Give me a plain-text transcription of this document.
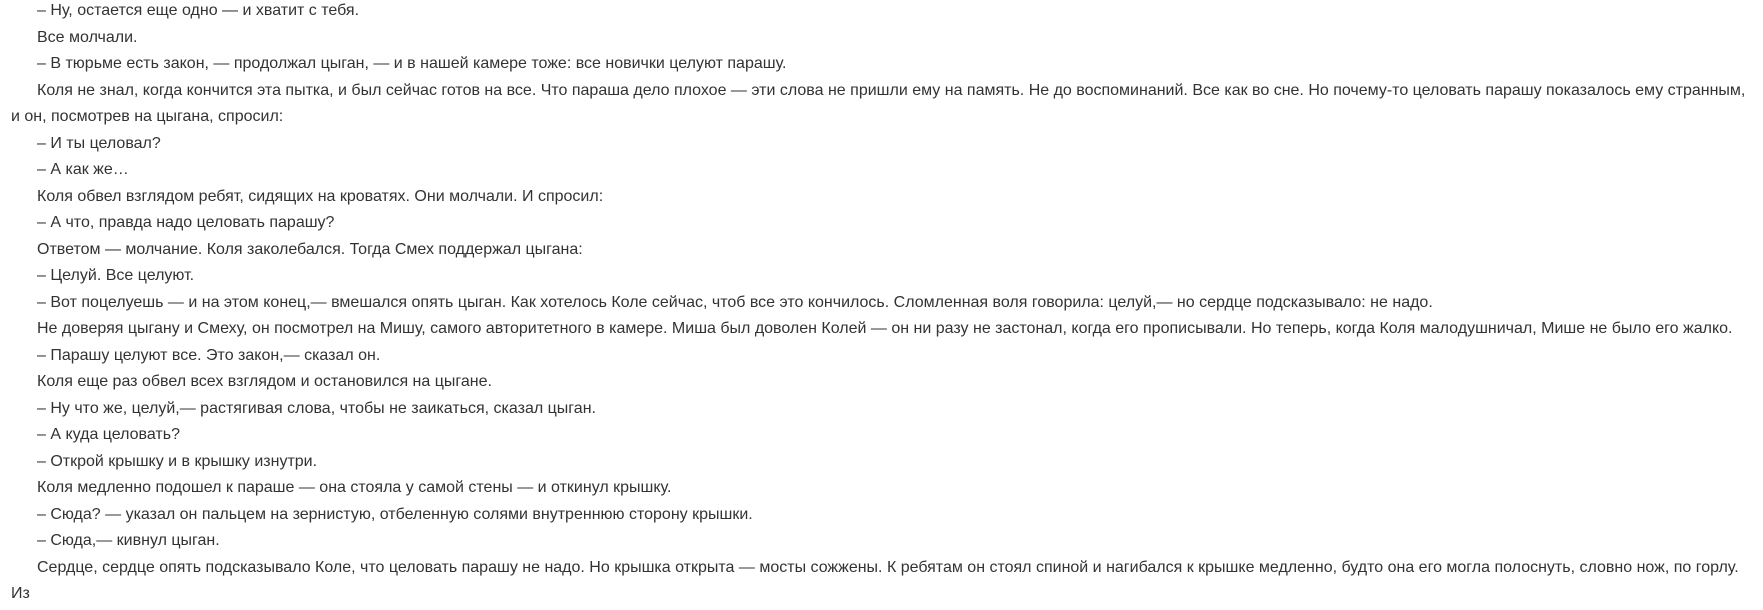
– Ну, остается еще одно — и хватит с тебя.

Все молчали.

– В тюрьме есть закон, — продолжал цыган, — и в нашей камере тоже: все новички целуют парашу.

Коля не знал, когда кончится эта пытка, и был сейчас готов на все. Что параша дело плохое — эти слова не пришли ему на память. Не до воспоминаний. Все как во сне. Но почему-то целовать парашу показалось ему странным, и он, посмотрев на цыгана, спросил:

– И ты целовал?

– А как же…

Коля обвел взглядом ребят, сидящих на кроватях. Они молчали. И спросил:

– А что, правда надо целовать парашу?

Ответом — молчание. Коля заколебался. Тогда Смех поддержал цыгана:

– Целуй. Все целуют.

– Вот поцелуешь — и на этом конец,— вмешался опять цыган. Как хотелось Коле сейчас, чтоб все это кончилось. Сломленная воля говорила: целуй,— но сердце подсказывало: не надо.

Не доверяя цыгану и Смеху, он посмотрел на Мишу, самого авторитетного в камере. Миша был доволен Колей — он ни разу не застонал, когда его прописывали. Но теперь, когда Коля малодушничал, Мише не было его жалко.

– Парашу целуют все. Это закон,— сказал он.

Коля еще раз обвел всех взглядом и остановился на цыгане.

– Ну что же, целуй,— растягивая слова, чтобы не заикаться, сказал цыган.

– А куда целовать?

– Открой крышку и в крышку изнутри.

Коля медленно подошел к параше — она стояла у самой стены — и откинул крышку.

– Сюда? — указал он пальцем на зернистую, отбеленную солями внутреннюю сторону крышки.

– Сюда,— кивнул цыган.

Сердце, сердце опять подсказывало Коле, что целовать парашу не надо. Но крышка открыта — мосты сожжены. К ребятам он стоял спиной и нагибался к крышке медленно, будто она его могла полоснуть, словно нож, по горлу. Из
